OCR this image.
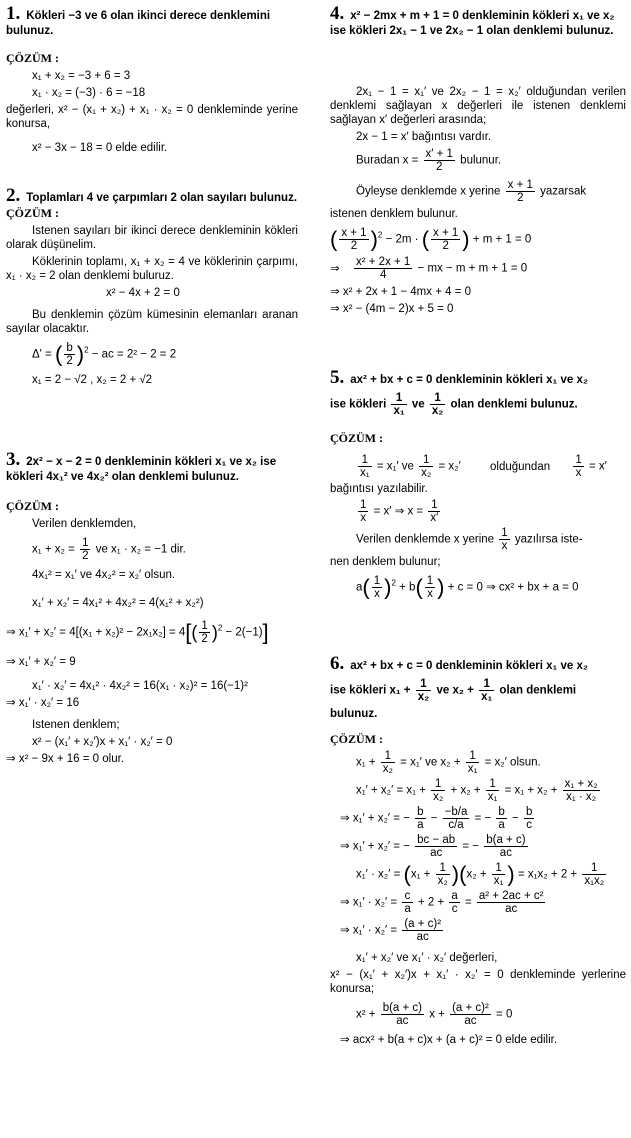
1. Kökleri −3 ve 6 olan ikinci derece denklemini bulunuz.
ÇÖZÜM :
x₁ + x₂ = −3 + 6 = 3
x₁ · x₂ = (−3) · 6 = −18
değerleri, x² − (x₁ + x₂) + x₁ · x₂ = 0 denkleminde yerine konursa,
x² − 3x − 18 = 0 elde edilir.
2. Toplamları 4 ve çarpımları 2 olan sayıları bulunuz.
ÇÖZÜM :
Istenen sayıları bir ikinci derece denkleminin kökleri olarak düşünelim.
Köklerinin toplamı, x₁ + x₂ = 4 ve köklerinin çarpımı, x₁ · x₂ = 2 olan denklemi buluruz.
x² − 4x + 2 = 0
Bu denklemin çözüm kümesinin elemanları aranan sayılar olacaktır.
Δ' = ( $\frac{b}{2} )^2$ − ac = 2² − 2 = 2
x₁ = 2 − √2 , x₂ = 2 + √2
3. 2x² − x − 2 = 0 denkleminin kökleri x₁ ve x₂ ise kökleri 4x₁² ve 4x₂² olan denklemi bulunuz.
ÇÖZÜM :
Verilen denklemden,
$x_1 + x_2 = \frac{1}{2}$ ve x₁ · x₂ = −1 dir.
4x₁² = x₁′ ve 4x₂² = x₂′ olsun.
x₁′ + x₂′ = 4x₁² + 4x₂² = 4(x₁² + x₂²)
⇒ $x_1' + x_2' = 4[(x_1 + x_2)^2 - 2x_1x_2] = 4[( \frac{1}{2} )^2 - 2(-1)]$
⇒ x₁′ + x₂′ = 9
x₁′ · x₂′ = 4x₁² · 4x₂² = 16(x₁ · x₂)² = 16(−1)²
⇒ x₁′ · x₂′ = 16
Istenen denklem;
x² − (x₁′ + x₂′)x + x₁′ · x₂′ = 0
⇒ x² − 9x + 16 = 0 olur.
4. x² − 2mx + m + 1 = 0 denkleminin kökleri x₁ ve x₂ ise kökleri 2x₁ − 1 ve 2x₂ − 1 olan denklemi bulunuz.
2x₁ − 1 = x₁′ ve 2x₂ − 1 = x₂′ olduğundan verilen denklemi sağlayan x değerleri ile istenen denklemi sağlayan x′ değerleri arasında;
2x − 1 = x′ bağıntısı vardır.
Buradan $x = \frac{x' + 1}{2}$ bulunur.
Öyleyse denklemde x yerine $\frac{x + 1}{2}$ yazarsak
istenen denklem bulunur.
( $\frac{x + 1}{2} )^2 - 2m$ · ( $\frac{x + 1}{2}$ ) + m + 1 = 0
⇒ $\frac{\text{x² + 2x + 1}}{4}$ − mx − m + m + 1 = 0
⇒ x² + 2x + 1 − 4mx + 4 = 0
⇒ x² − (4m − 2)x + 5 = 0
5. ax² + bx + c = 0 denkleminin kökleri x₁ ve x₂
ise kökleri $\frac{1}{\text{x₁}}$ ve $\frac{1}{\text{x₂}}$ olan denklemi bulunuz.
ÇÖZÜM :
$\frac{1}{\text{x₁}} = x_1'$ ve $\frac{1}{\text{x₂}} = x_2'$	olduğundan $\frac{1}{x} = x'$
bağıntısı yazılabilir.
$\frac{1}{x} = x'$ ⇒ $x = \frac{1}{x'}$
Verilen denklemde x yerine $\frac{1}{x}$ yazılırsa iste-
nen denklem bulunur;
$a( \frac{1}{x} )^2 + b( \frac{1}{x}$ ) + c = 0 ⇒ cx² + bx + a = 0
6. ax² + bx + c = 0 denkleminin kökleri x₁ ve x₂
ise kökleri $x_1 + \frac{1}{\text{x₂}}$ ve $x_2 + \frac{1}{\text{x₁}}$ olan denklemi
bulunuz.
ÇÖZÜM :
$x_1 + \frac{1}{\text{x₂}} = x_1'$ ve $x_2 + \frac{1}{\text{x₁}} = x_2'$ olsun.
$x_1' + x_2' = x_1 + \frac{1}{\text{x₂}} + x_2 + \frac{1}{\text{x₁}} = x_1 + x_2 + \frac{\text{x₁ + x₂}}{\text{x₁ · x₂}}$
⇒ x₁′ + x₂′ = − $\frac{b}{a} - \frac{-b/a}{c/a}$ = − $\frac{b}{a} - \frac{b}{c}$
⇒ x₁′ + x₂′ = − $\frac{bc - ab}{ac}$ = − $\frac{b(a + c)}{ac}$
$x_1' \cdot x_2' = (x_1 + \frac{1}{\text{x₂}} )(x_2 + \frac{1}{\text{x₁}}$ ) = $x_1x_2 + 2 + \frac{1}{\text{x₁x₂}}$
⇒ $x_1' \cdot x_2' = \frac{c}{a} + 2 + \frac{a}{c} = \frac{\text{a² + 2ac + c²}}{ac}$
⇒ $x_1' \cdot x_2' = \frac{\text{(a + c)²}}{ac}$
x₁′ + x₂′ ve x₁′ · x₂′ değerleri,
x² − (x₁′ + x₂′)x + x₁′ · x₂′ = 0 denkleminde yerlerine konursa;
$x^2 + \frac{b(a + c)}{ac}$ $x + \frac{\text{(a + c)²}}{ac} = 0$
⇒ acx² + b(a + c)x + (a + c)² = 0 elde edilir.
